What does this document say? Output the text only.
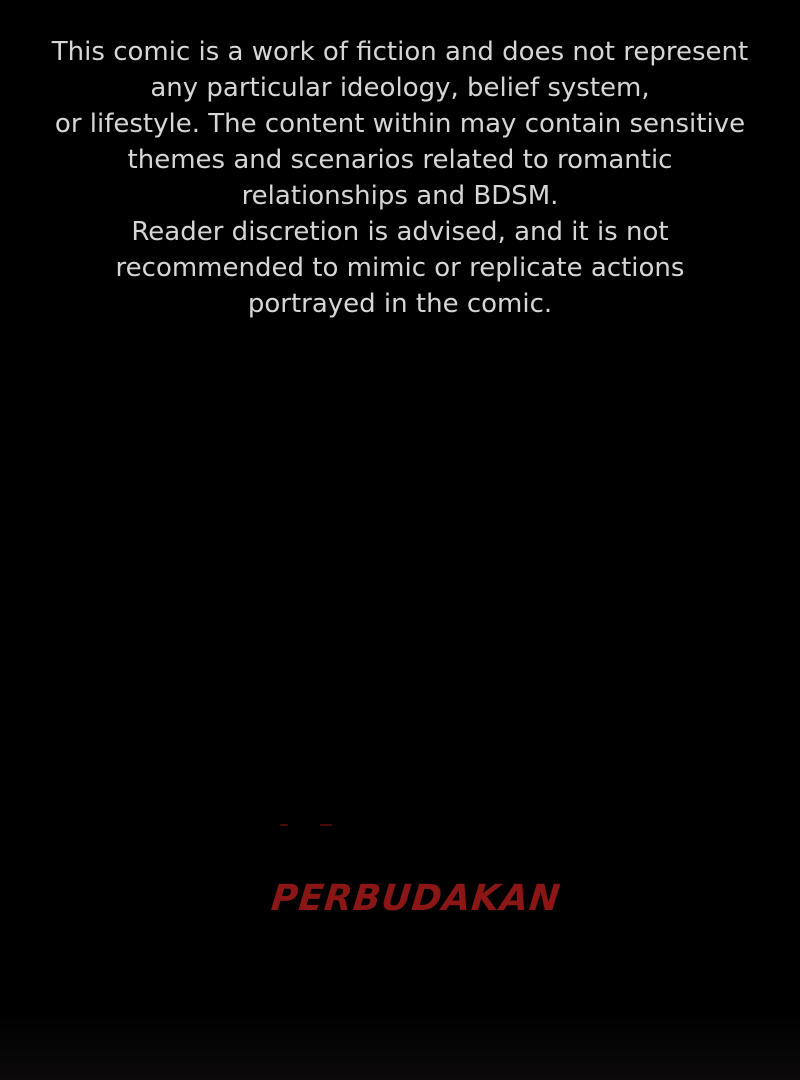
This comic is a work of fiction and does not represent
any particular ideology, belief system,
or lifestyle. The content within may contain sensitive
themes and scenarios related to romantic
relationships and BDSM.
Reader discretion is advised, and it is not
recommended to mimic or replicate actions
portrayed in the comic.
PERBUDAKAN
